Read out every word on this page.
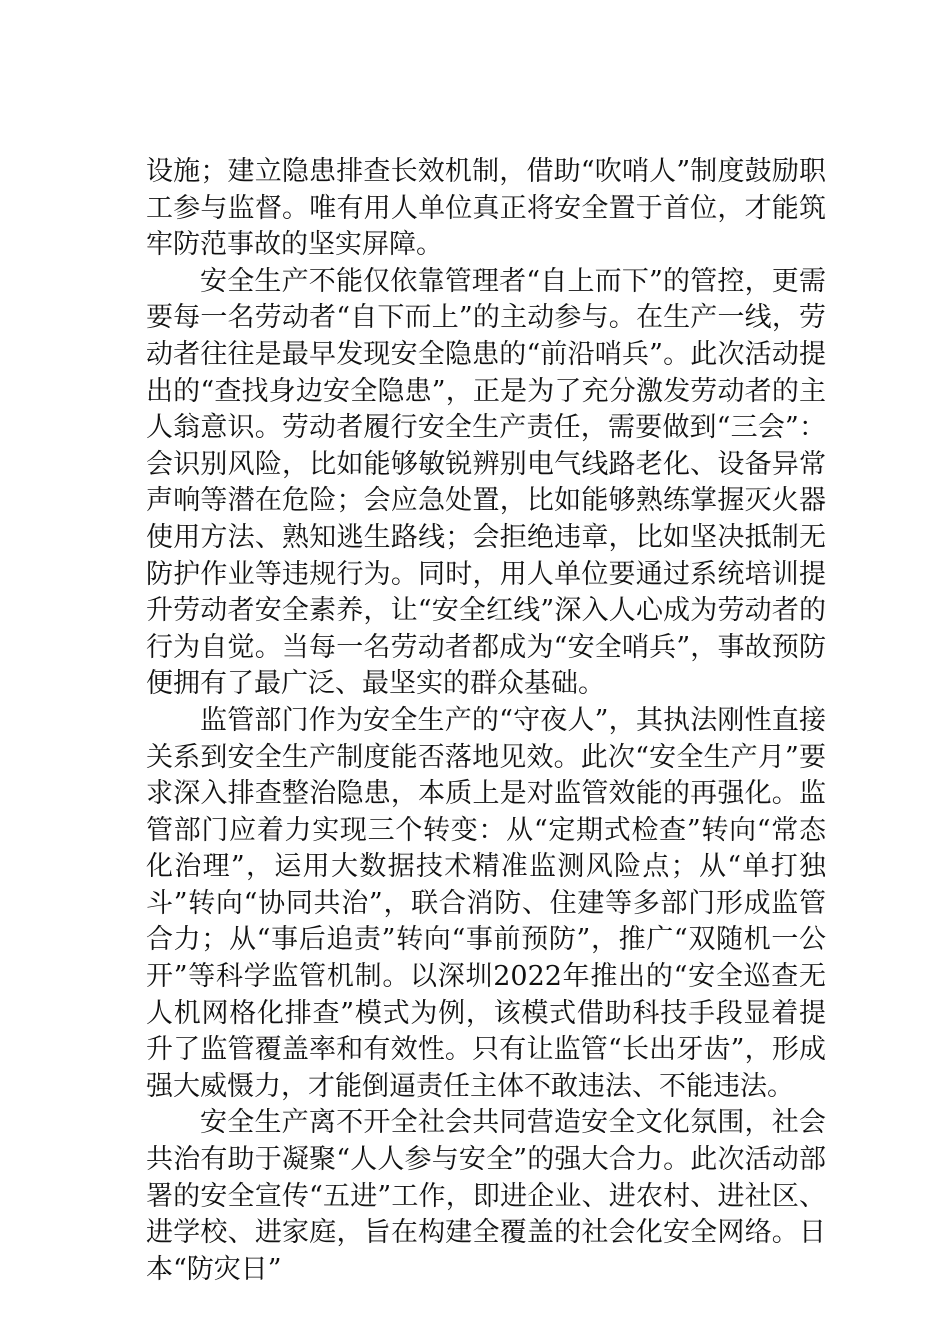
设施；建立隐患排查长效机制，借助“吹哨人”制度鼓励职工参与监督。唯有用人单位真正将安全置于首位，才能筑牢防范事故的坚实屏障。

安全生产不能仅依靠管理者“自上而下”的管控，更需要每一名劳动者“自下而上”的主动参与。在生产一线，劳动者往往是最早发现安全隐患的“前沿哨兵”。此次活动提出的“查找身边安全隐患”，正是为了充分激发劳动者的主人翁意识。劳动者履行安全生产责任，需要做到“三会”：会识别风险，比如能够敏锐辨别电气线路老化、设备异常声响等潜在危险；会应急处置，比如能够熟练掌握灭火器使用方法、熟知逃生路线；会拒绝违章，比如坚决抵制无防护作业等违规行为。同时，用人单位要通过系统培训提升劳动者安全素养，让“安全红线”深入人心成为劳动者的行为自觉。当每一名劳动者都成为“安全哨兵”，事故预防便拥有了最广泛、最坚实的群众基础。

监管部门作为安全生产的“守夜人”，其执法刚性直接关系到安全生产制度能否落地见效。此次“安全生产月”要求深入排查整治隐患，本质上是对监管效能的再强化。监管部门应着力实现三个转变：从“定期式检查”转向“常态化治理”，运用大数据技术精准监测风险点；从“单打独斗”转向“协同共治”，联合消防、住建等多部门形成监管合力；从“事后追责”转向“事前预防”，推广“双随机一公开”等科学监管机制。以深圳2022年推出的“安全巡查无人机网格化排查”模式为例，该模式借助科技手段显着提升了监管覆盖率和有效性。只有让监管“长出牙齿”，形成强大威慑力，才能倒逼责任主体不敢违法、不能违法。

安全生产离不开全社会共同营造安全文化氛围，社会共治有助于凝聚“人人参与安全”的强大合力。此次活动部署的安全宣传“五进”工作，即进企业、进农村、进社区、进学校、进家庭，旨在构建全覆盖的社会化安全网络。日本“防灾日”
